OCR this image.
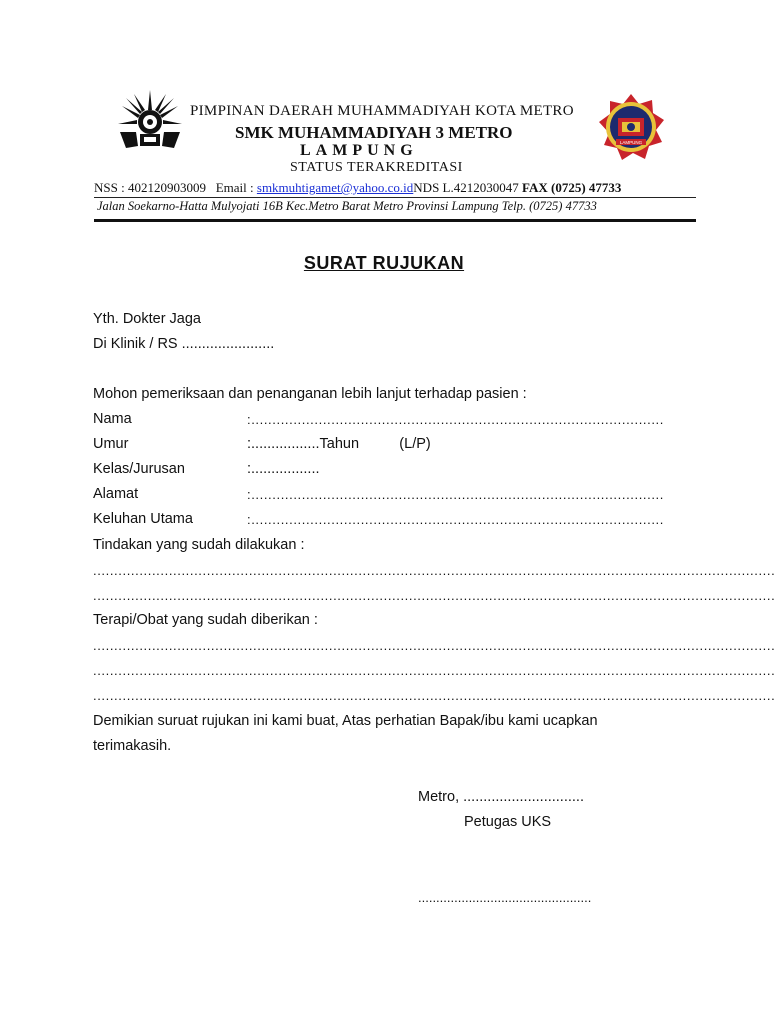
LAMPUNG
PIMPINAN DAERAH MUHAMMADIYAH KOTA METRO
SMK MUHAMMADIYAH 3 METRO
LAMPUNG
STATUS TERAKREDITASI
NSS : 402120903009 Email : smkmuhtigamet@yahoo.co.idNDS L.4212030047 FAX (0725) 47733
Jalan Soekarno-Hatta Mulyojati 16B Kec.Metro Barat Metro Provinsi Lampung Telp. (0725) 47733
SURAT RUJUKAN
Yth. Dokter Jaga
Di Klinik / RS .......................
Mohon pemeriksaan dan penanganan lebih lanjut terhadap pasien :
Nama	:..................................................................................................
Umur	:.................Tahun          (L/P)
Kelas/Jurusan	:.................
Alamat	:..................................................................................................
Keluhan Utama	:..................................................................................................
Tindakan yang sudah dilakukan :
..................................................................................................................................................................
..................................................................................................................................................................
Terapi/Obat yang sudah diberikan :
..................................................................................................................................................................
..................................................................................................................................................................
..................................................................................................................................................................
Demikian suruat rujukan ini kami buat, Atas perhatian Bapak/ibu kami ucapkan
terimakasih.
Metro, ..............................
Petugas UKS
................................................
